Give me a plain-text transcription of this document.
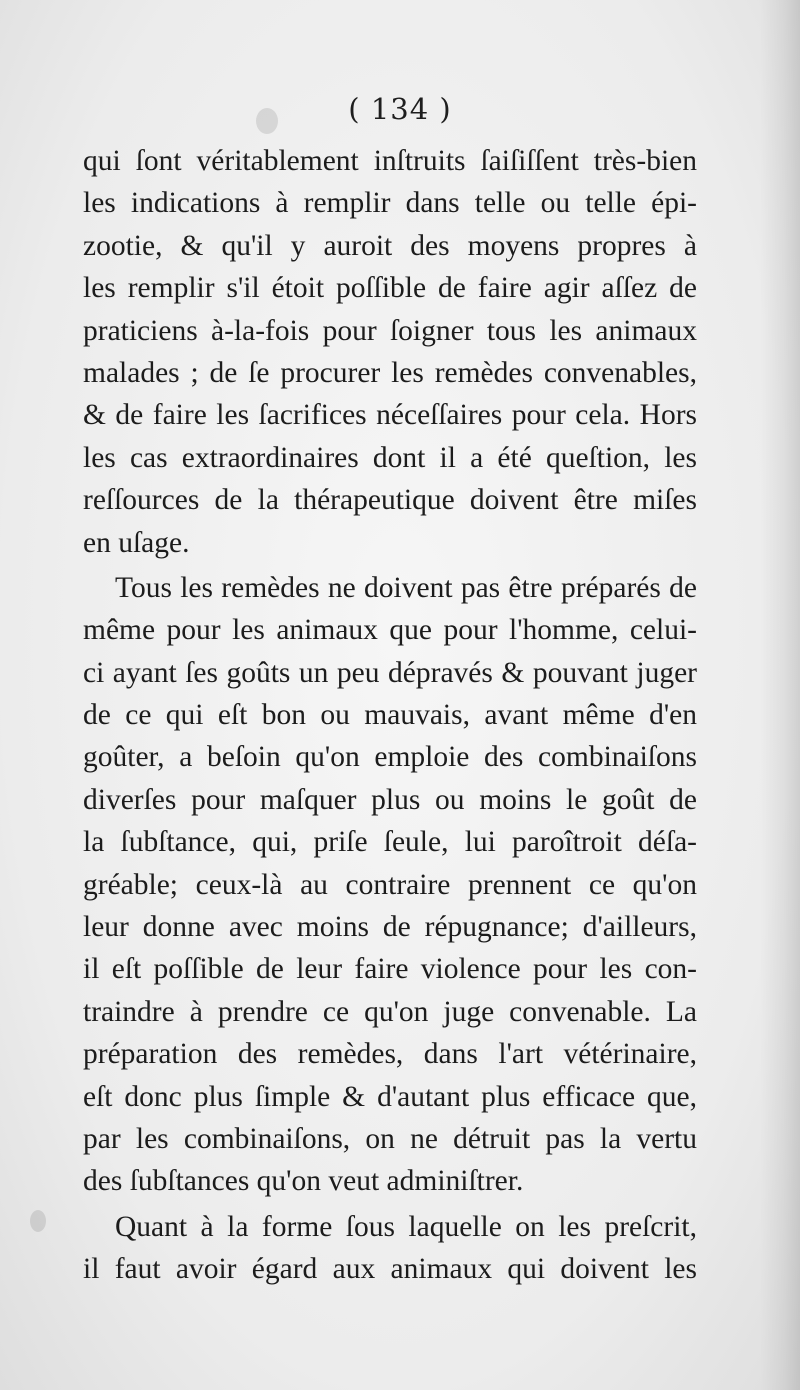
( 134 )
qui ſont véritablement inſtruits ſaiſiſſent très-bien
les indications à remplir dans telle ou telle épi-
zootie, & qu'il y auroit des moyens propres à
les remplir s'il étoit poſſible de faire agir aſſez de
praticiens à-la-fois pour ſoigner tous les animaux
malades ; de ſe procurer les remèdes convenables,
& de faire les ſacrifices néceſſaires pour cela. Hors
les cas extraordinaires dont il a été queſtion, les
reſſources de la thérapeutique doivent être miſes
en uſage.
Tous les remèdes ne doivent pas être préparés de
même pour les animaux que pour l'homme, celui-
ci ayant ſes goûts un peu dépravés & pouvant juger
de ce qui eſt bon ou mauvais, avant même d'en
goûter, a beſoin qu'on emploie des combinaiſons
diverſes pour maſquer plus ou moins le goût de
la ſubſtance, qui, priſe ſeule, lui paroîtroit déſa-
gréable; ceux-là au contraire prennent ce qu'on
leur donne avec moins de répugnance; d'ailleurs,
il eſt poſſible de leur faire violence pour les con-
traindre à prendre ce qu'on juge convenable. La
préparation des remèdes, dans l'art vétérinaire,
eſt donc plus ſimple & d'autant plus efficace que,
par les combinaiſons, on ne détruit pas la vertu
des ſubſtances qu'on veut adminiſtrer.
Quant à la forme ſous laquelle on les preſcrit,
il faut avoir égard aux animaux qui doivent les
